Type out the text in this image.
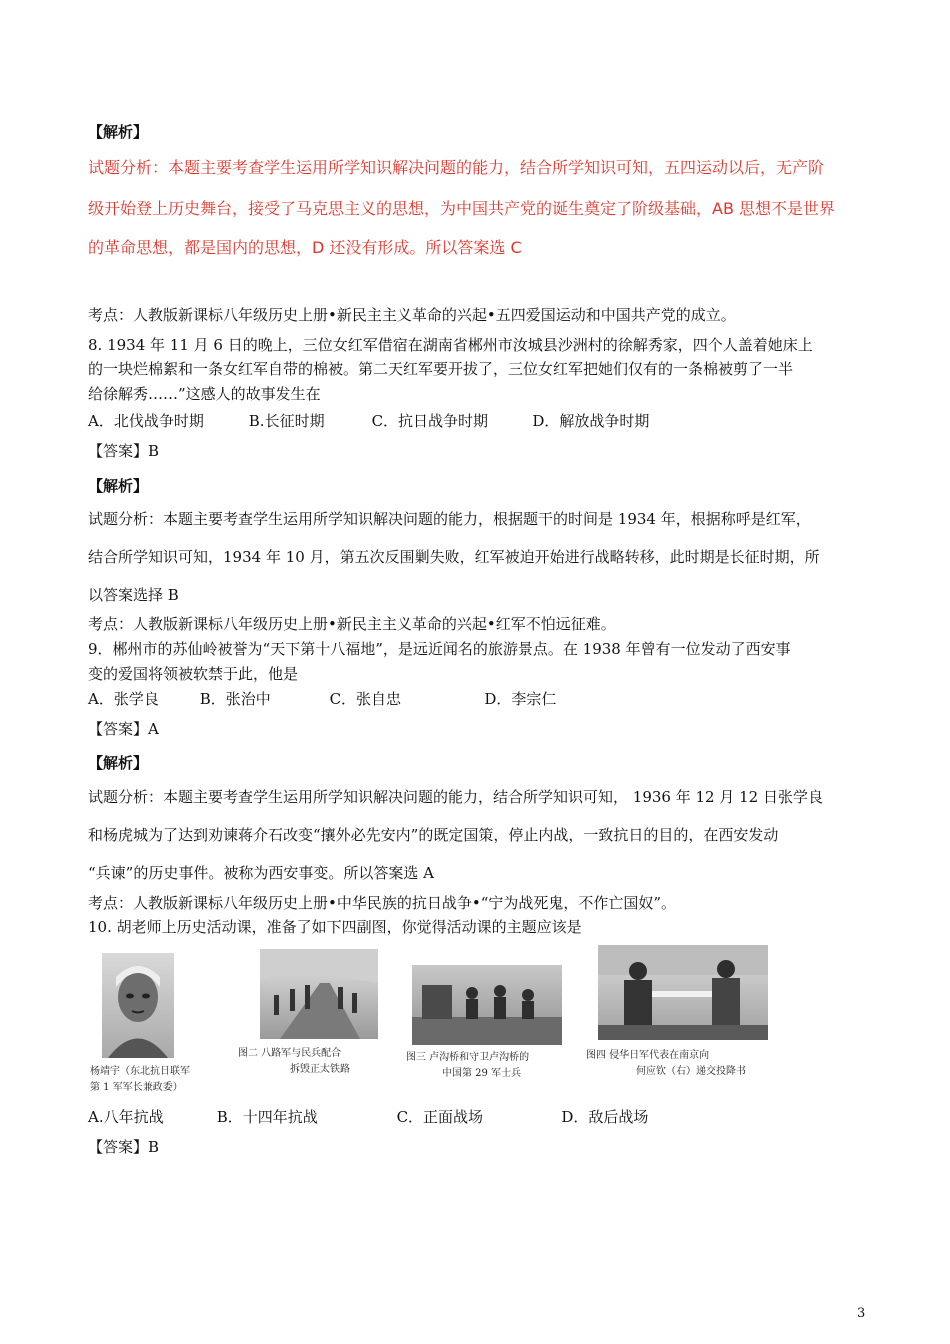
【解析】
试题分析：本题主要考查学生运用所学知识解决问题的能力，结合所学知识可知，五四运动以后，无产阶
级开始登上历史舞台，接受了马克思主义的思想，为中国共产党的诞生奠定了阶级基础，AB 思想不是世界
的革命思想，都是国内的思想，D 还没有形成。所以答案选 C
考点：人教版新课标八年级历史上册•新民主主义革命的兴起•五四爱国运动和中国共产党的成立。
8. 1934 年 11 月 6 日的晚上，三位女红军借宿在湖南省郴州市汝城县沙洲村的徐解秀家，四个人盖着她床上
的一块烂棉絮和一条女红军自带的棉被。第二天红军要开拔了，三位女红军把她们仅有的一条棉被剪了一半
给徐解秀……”这感人的故事发生在
A．北伐战争时期	B.长征时期	C．抗日战争时期	D．解放战争时期
【答案】B
【解析】
试题分析：本题主要考查学生运用所学知识解决问题的能力，根据题干的时间是 1934 年，根据称呼是红军，
结合所学知识可知，1934 年 10 月，第五次反围剿失败，红军被迫开始进行战略转移，此时期是长征时期，所
以答案选择 B
考点：人教版新课标八年级历史上册•新民主主义革命的兴起•红军不怕远征难。
9．郴州市的苏仙岭被誉为“天下第十八福地”，是远近闻名的旅游景点。在 1938 年曾有一位发动了西安事
变的爱国将领被软禁于此，他是
A．张学良	B．张治中	C．张自忠	D．李宗仁
【答案】A
【解析】
试题分析：本题主要考查学生运用所学知识解决问题的能力，结合所学知识可知， 1936 年 12 月 12 日张学良
和杨虎城为了达到劝谏蒋介石改变“攘外必先安内”的既定国策，停止内战，一致抗日的目的，在西安发动
“兵谏”的历史事件。被称为西安事变。所以答案选 A
考点：人教版新课标八年级历史上册•中华民族的抗日战争•“宁为战死鬼，不作亡国奴”。
10. 胡老师上历史活动课，准备了如下四副图，你觉得活动课的主题应该是
杨靖宇（东北抗日联军
第 1 军军长兼政委）
图二 八路军与民兵配合
拆毁正太铁路
图三 卢沟桥和守卫卢沟桥的
中国第 29 军士兵
图四 侵华日军代表在南京向
何应钦（右）递交投降书
A.八年抗战	B．十四年抗战	C．正面战场	D．敌后战场
【答案】B
3
